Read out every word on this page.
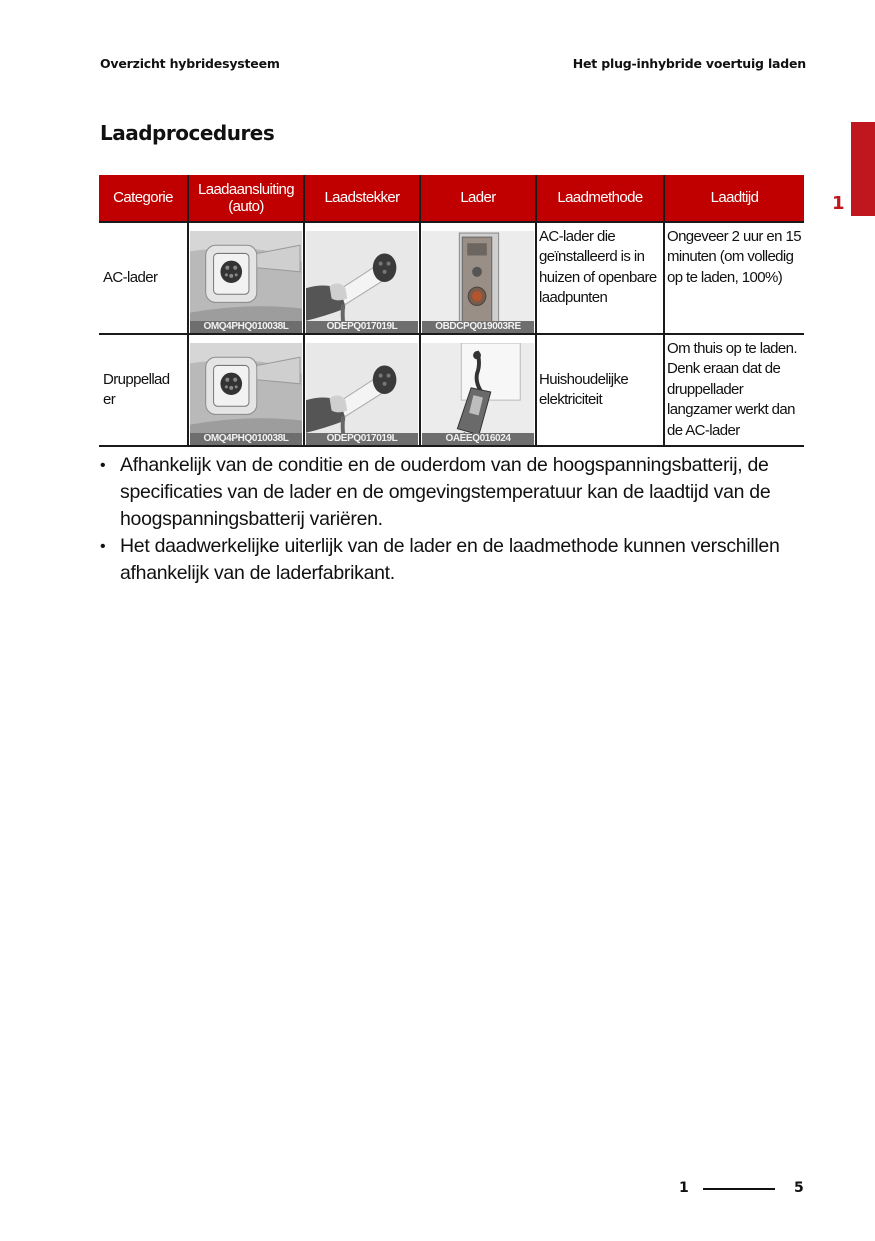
Overzicht hybridesysteem	Het plug-inhybride voertuig laden
Laadprocedures
1
Categorie	Laadaansluiting (auto)	Laadstekker	Lader	Laadmethode	Laadtijd
AC-lader	OMQ4PHQ010038L	ODEPQ017019L	OBDCPQ019003RE	AC-lader die geïnstalleerd is in huizen of openbare laadpunten	Ongeveer 2 uur en 15 minuten (om volledig op te laden, 100%)
Druppellader	OMQ4PHQ010038L	ODEPQ017019L	OAEEQ016024	Huishoudelijke elektriciteit	Om thuis op te laden. Denk eraan dat de druppellader langzamer werkt dan de AC-lader
• Afhankelijk van de conditie en de ouderdom van de hoogspanningsbatterij, de specificaties van de lader en de omgevingstemperatuur kan de laadtijd van de hoogspanningsbatterij variëren.
• Het daadwerkelijke uiterlijk van de lader en de laadmethode kunnen verschillen afhankelijk van de laderfabrikant.
1	5
